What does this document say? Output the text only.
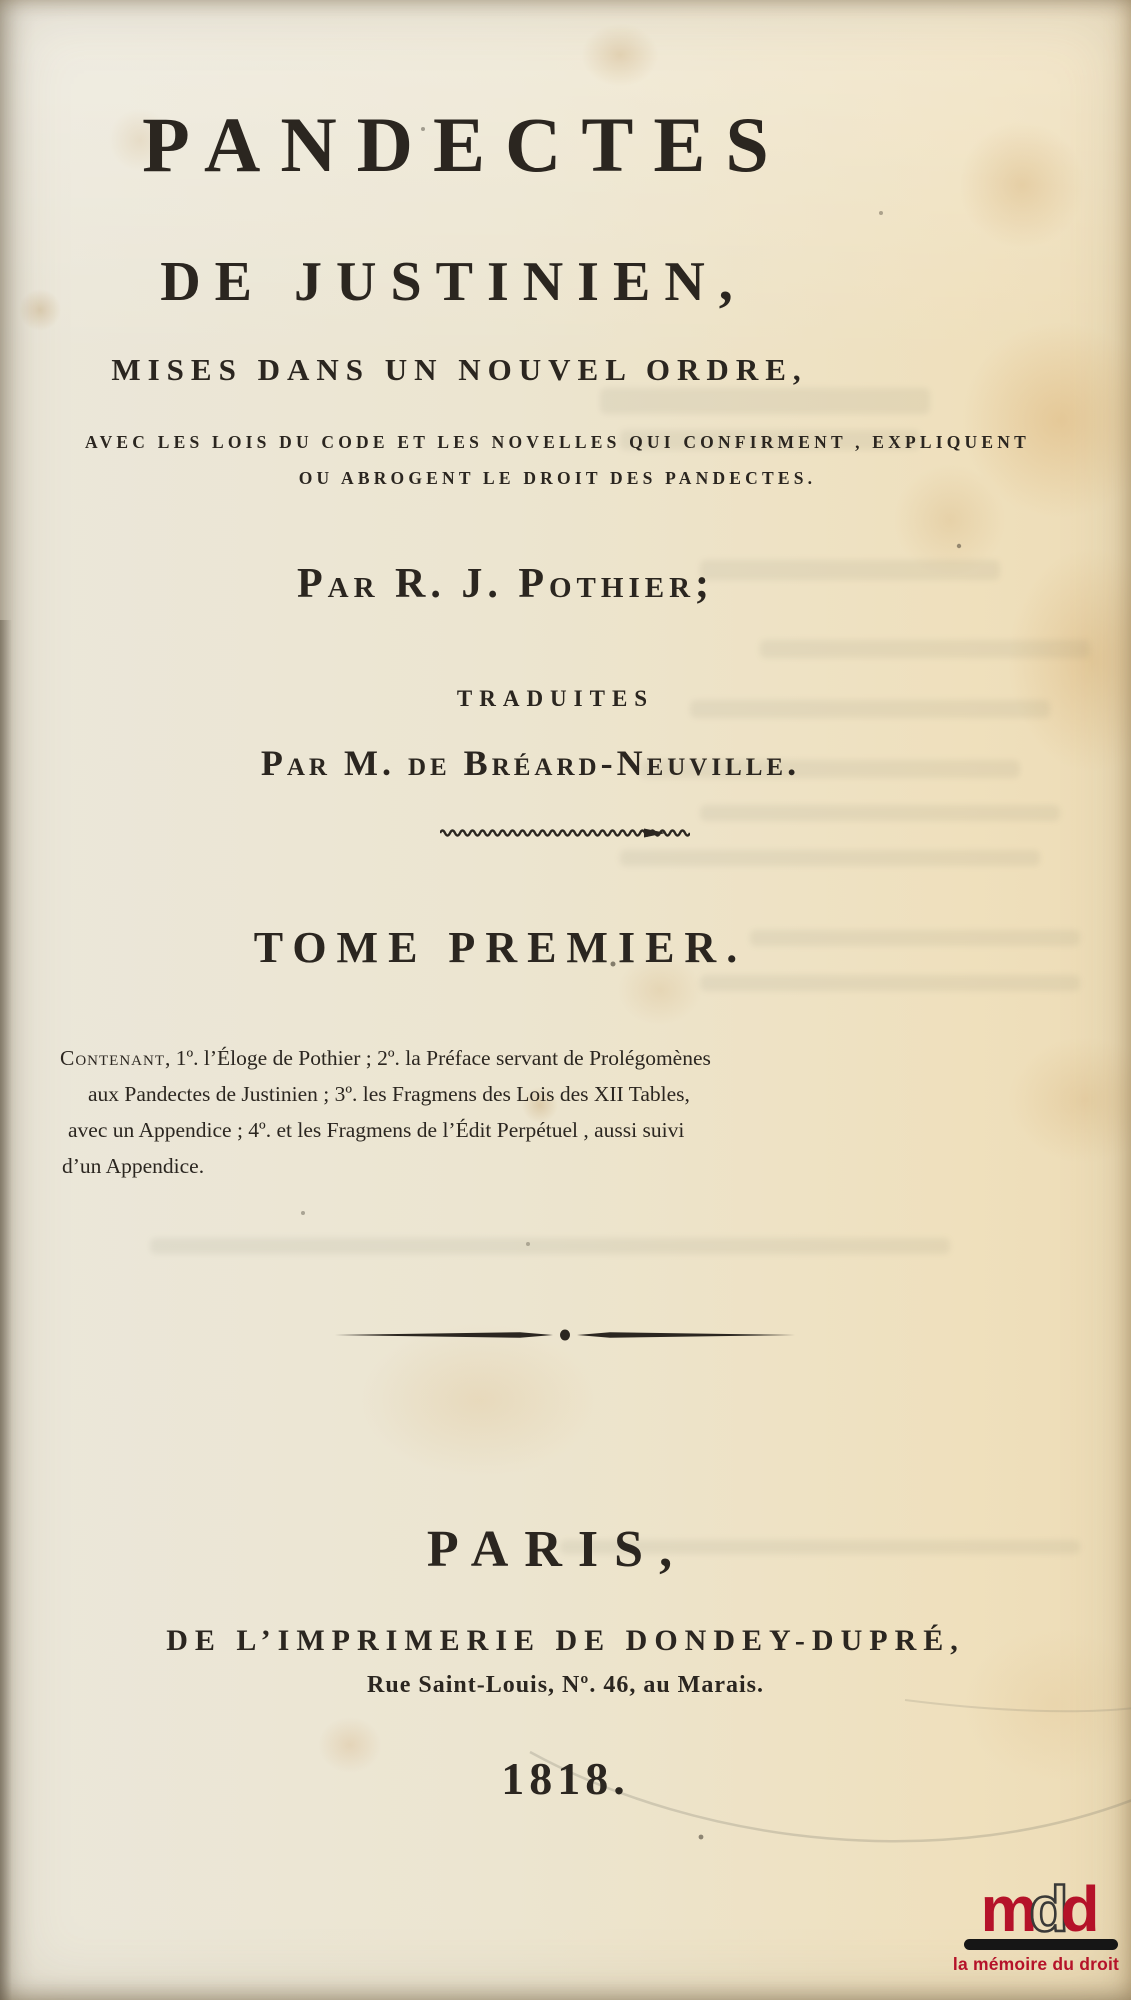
PANDECTES
DE JUSTINIEN,
MISES DANS UN NOUVEL ORDRE,
AVEC LES LOIS DU CODE ET LES NOVELLES QUI CONFIRMENT , EXPLIQUENT
OU ABROGENT LE DROIT DES PANDECTES.
Par R. J. Pothier;
TRADUITES
Par M. de Bréard-Neuville.
TOME PREMIER.
Contenant, 1º. l’Éloge de Pothier ; 2º. la Préface servant de Prolégomènes
aux Pandectes de Justinien ; 3º. les Fragmens des Lois des XII Tables,
avec un Appendice ; 4º. et les Fragmens de l’Édit Perpétuel , aussi suivi
d’un Appendice.
PARIS,
DE L’IMPRIMERIE DE DONDEY-DUPRÉ,
Rue Saint-Louis, Nº. 46, au Marais.
1818.
mdd
la mémoire du droit
